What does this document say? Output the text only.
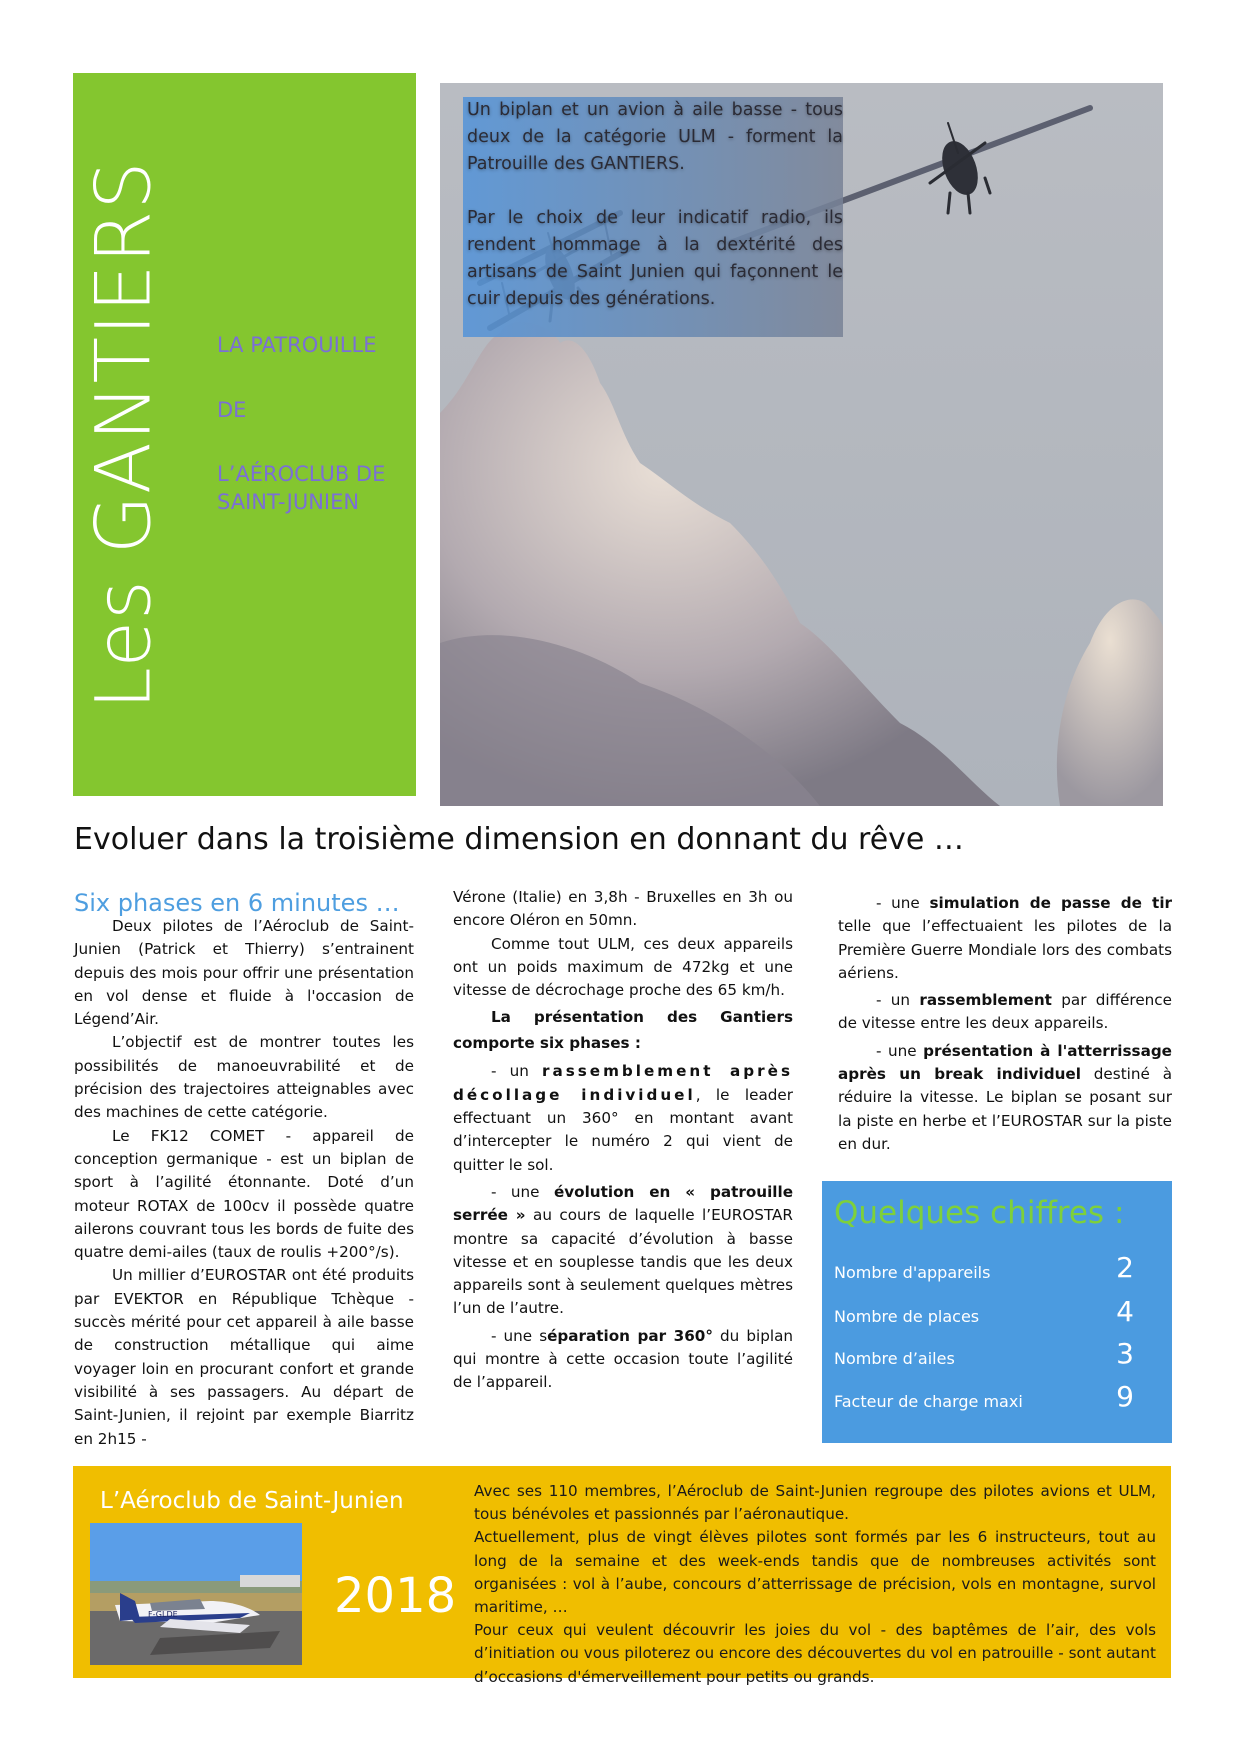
Les GANTIERS LA PATROUILLE
DE
L’AÉROCLUB DE
SAINT-JUNIEN

Un biplan et un avion à aile basse - tous deux de la catégorie ULM - forment la Patrouille des GANTIERS.

Par le choix de leur indicatif radio, ils rendent hommage à la dextérité des artisans de Saint Junien qui façonnent le cuir depuis des générations.

Evoluer dans la troisième dimension en donnant du rêve …
Six phases en 6 minutes …

Deux pilotes de l’Aéroclub de Saint-Junien (Patrick et Thierry) s’entrainent depuis des mois pour offrir une présentation en vol dense et fluide à l'occasion de Légend’Air.

L’objectif est de montrer toutes les possibilités de manoeuvrabilité et de précision des trajectoires atteignables avec des machines de cette catégorie.

Le FK12 COMET - appareil de conception germanique - est un biplan de sport à l’agilité étonnante. Doté d’un moteur ROTAX de 100cv il possède quatre ailerons couvrant tous les bords de fuite des quatre demi-ailes (taux de roulis +200°/s).

Un millier d’EUROSTAR ont été produits par EVEKTOR en République Tchèque - succès mérité pour cet appareil à aile basse de construction métallique qui aime voyager loin en procurant confort et grande visibilité à ses passagers. Au départ de Saint-Junien, il rejoint par exemple Biarritz en 2h15 -

Vérone (Italie) en 3,8h - Bruxelles en 3h ou encore Oléron en 50mn.

Comme tout ULM, ces deux appareils ont un poids maximum de 472kg et une vitesse de décrochage proche des 65 km/h.

La présentation des Gantiers comporte six phases :

- un rassemblement après décollage individuel, le leader effectuant un 360° en montant avant d’intercepter le numéro 2 qui vient de quitter le sol.

- une évolution en « patrouille serrée » au cours de laquelle l’EUROSTAR montre sa capacité d’évolution à basse vitesse et en souplesse tandis que les deux appareils sont à seulement quelques mètres l’un de l’autre.

- une séparation par 360° du biplan qui montre à cette occasion toute l’agilité de l’appareil.

- une simulation de passe de tir telle que l’effectuaient les pilotes de la Première Guerre Mondiale lors des combats aériens.

- un rassemblement par différence de vitesse entre les deux appareils.

- une présentation à l'atterrissage après un break individuel destiné à réduire la vitesse. Le biplan se posant sur la piste en herbe et l’EUROSTAR sur la piste en dur.

Quelques chiffres :
Nombre d'appareils	2
Nombre de places	4
Nombre d’ailes	3
Facteur de charge maxi	9
L’Aéroclub de Saint-Junien
F-GLDE	2018

Avec ses 110 membres, l’Aéroclub de Saint-Junien regroupe des pilotes avions et ULM, tous bénévoles et passionnés par l’aéronautique.

Actuellement, plus de vingt élèves pilotes sont formés par les 6 instructeurs, tout au long de la semaine et des week-ends tandis que de nombreuses activités sont organisées : vol à l’aube, concours d’atterrissage de précision, vols en montagne, survol maritime, …

Pour ceux qui veulent découvrir les joies du vol - des baptêmes de l’air, des vols d’initiation ou vous piloterez ou encore des découvertes du vol en patrouille - sont autant d’occasions d'émerveillement pour petits ou grands.
